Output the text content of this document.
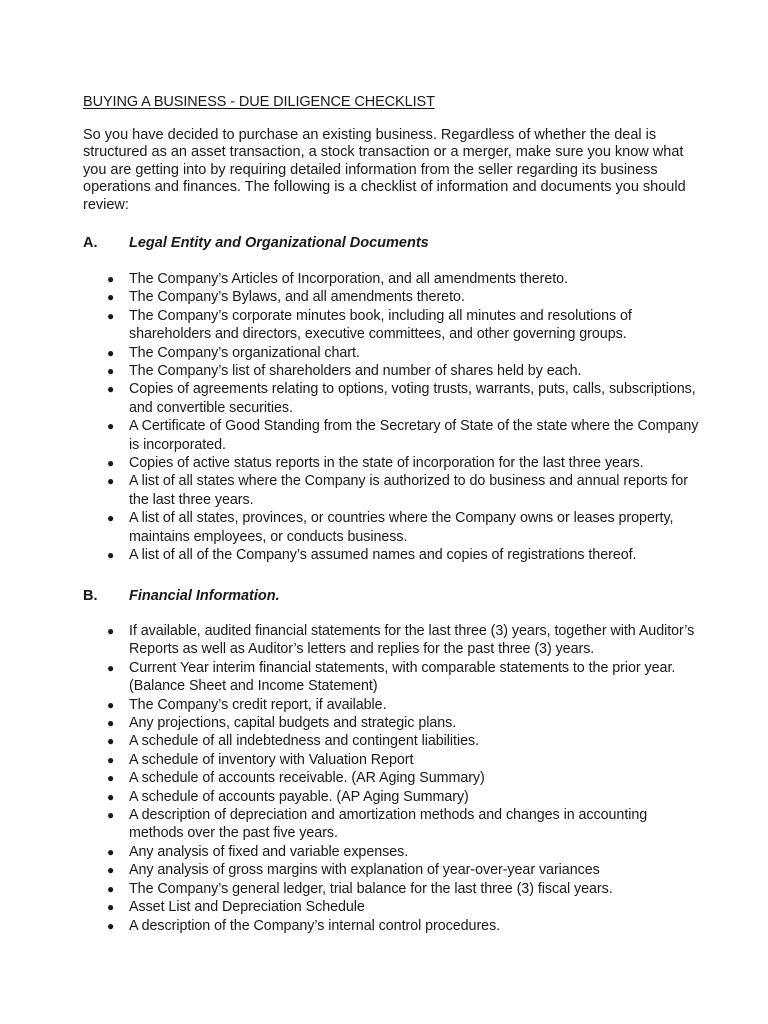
BUYING A BUSINESS - DUE DILIGENCE CHECKLIST

So you have decided to purchase an existing business. Regardless of whether the deal is structured as an asset transaction, a stock transaction or a merger, make sure you know what you are getting into by requiring detailed information from the seller regarding its business operations and finances. The following is a checklist of information and documents you should review:

A. Legal Entity and Organizational Documents
● The Company’s Articles of Incorporation, and all amendments thereto.
● The Company’s Bylaws, and all amendments thereto.
● The Company’s corporate minutes book, including all minutes and resolutions of shareholders and directors, executive committees, and other governing groups.
● The Company’s organizational chart.
● The Company’s list of shareholders and number of shares held by each.
● Copies of agreements relating to options, voting trusts, warrants, puts, calls, subscriptions, and convertible securities.
● A Certificate of Good Standing from the Secretary of State of the state where the Company is incorporated.
● Copies of active status reports in the state of incorporation for the last three years.
● A list of all states where the Company is authorized to do business and annual reports for the last three years.
● A list of all states, provinces, or countries where the Company owns or leases property, maintains employees, or conducts business.
● A list of all of the Company’s assumed names and copies of registrations thereof.
B. Financial Information.
● If available, audited financial statements for the last three (3) years, together with Auditor’s Reports as well as Auditor’s letters and replies for the past three (3) years.
● Current Year interim financial statements, with comparable statements to the prior year. (Balance Sheet and Income Statement)
● The Company’s credit report, if available.
● Any projections, capital budgets and strategic plans.
● A schedule of all indebtedness and contingent liabilities.
● A schedule of inventory with Valuation Report
● A schedule of accounts receivable. (AR Aging Summary)
● A schedule of accounts payable. (AP Aging Summary)
● A description of depreciation and amortization methods and changes in accounting methods over the past five years.
● Any analysis of fixed and variable expenses.
● Any analysis of gross margins with explanation of year-over-year variances
● The Company’s general ledger, trial balance for the last three (3) fiscal years.
● Asset List and Depreciation Schedule
● A description of the Company’s internal control procedures.
